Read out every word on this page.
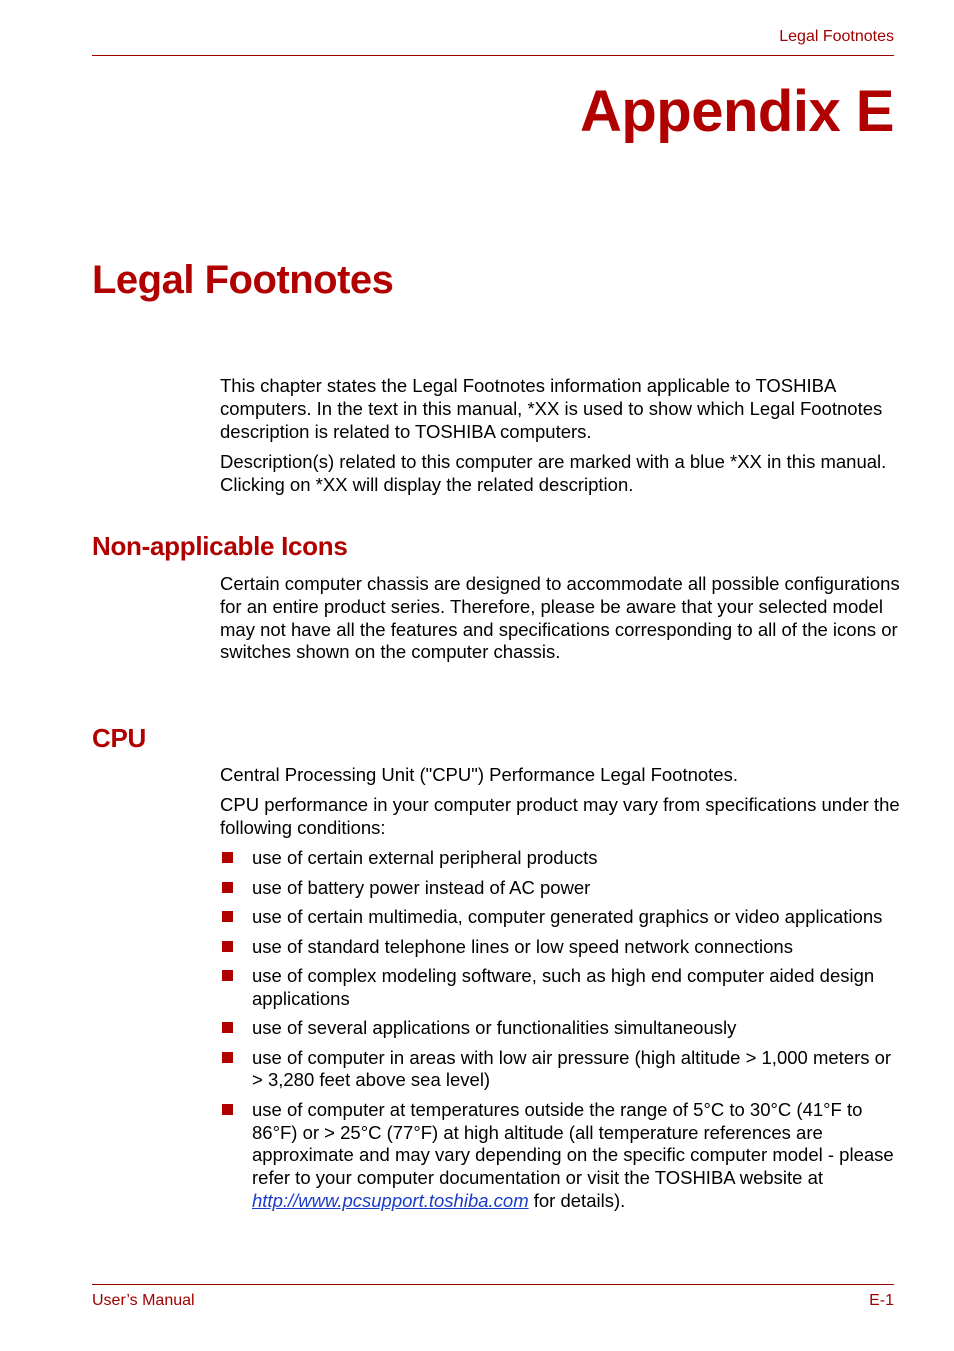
Legal Footnotes
Appendix E
Legal Footnotes

This chapter states the Legal Footnotes information applicable to TOSHIBA computers. In the text in this manual, *XX is used to show which Legal Footnotes description is related to TOSHIBA computers.

Description(s) related to this computer are marked with a blue *XX in this manual. Clicking on *XX will display the related description.

Non-applicable Icons

Certain computer chassis are designed to accommodate all possible configurations for an entire product series. Therefore, please be aware that your selected model may not have all the features and specifications corresponding to all of the icons or switches shown on the computer chassis.

CPU

Central Processing Unit ("CPU") Performance Legal Footnotes.

CPU performance in your computer product may vary from specifications under the following conditions:

use of certain external peripheral products
use of battery power instead of AC power
use of certain multimedia, computer generated graphics or video applications
use of standard telephone lines or low speed network connections
use of complex modeling software, such as high end computer aided design applications
use of several applications or functionalities simultaneously
use of computer in areas with low air pressure (high altitude > 1,000 meters or > 3,280 feet above sea level)
use of computer at temperatures outside the range of 5°C to 30°C (41°F to 86°F) or > 25°C (77°F) at high altitude (all temperature references are approximate and may vary depending on the specific computer model - please refer to your computer documentation or visit the TOSHIBA website at http://www.pcsupport.toshiba.com for details).
User’s Manual	E-1
